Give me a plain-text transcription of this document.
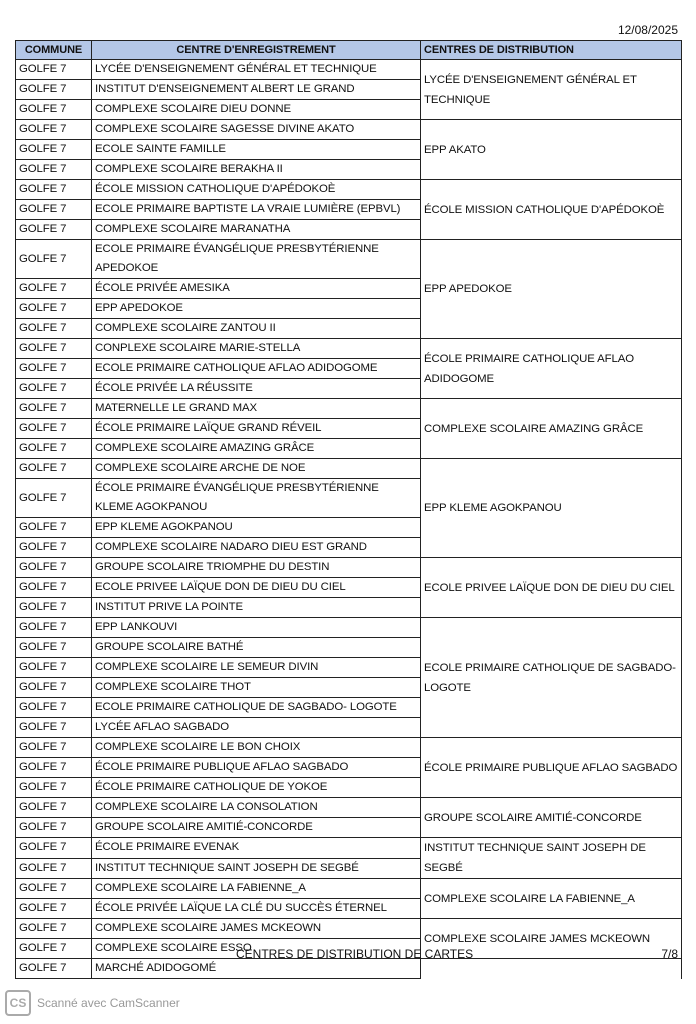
12/08/2025
COMMUNE	CENTRE D'ENREGISTREMENT	CENTRES DE DISTRIBUTION
GOLFE 7	LYCÉE D'ENSEIGNEMENT GÉNÉRAL ET TECHNIQUE	LYCÉE D'ENSEIGNEMENT GÉNÉRAL ET TECHNIQUE
GOLFE 7	INSTITUT D'ENSEIGNEMENT ALBERT LE GRAND	
GOLFE 7	COMPLEXE SCOLAIRE DIEU DONNE	
GOLFE 7	COMPLEXE SCOLAIRE SAGESSE DIVINE AKATO	EPP AKATO
GOLFE 7	ECOLE SAINTE FAMILLE	
GOLFE 7	COMPLEXE SCOLAIRE BERAKHA II	
GOLFE 7	ÉCOLE MISSION CATHOLIQUE D'APÉDOKOÈ	ÉCOLE MISSION CATHOLIQUE D'APÉDOKOÈ
GOLFE 7	ECOLE PRIMAIRE BAPTISTE LA VRAIE LUMIÈRE (EPBVL)	
GOLFE 7	COMPLEXE SCOLAIRE MARANATHA	
GOLFE 7	ECOLE PRIMAIRE ÉVANGÉLIQUE PRESBYTÉRIENNE APEDOKOE	EPP APEDOKOE
GOLFE 7	ÉCOLE PRIVÉE AMESIKA	
GOLFE 7	EPP APEDOKOE	
GOLFE 7	COMPLEXE SCOLAIRE ZANTOU II	
GOLFE 7	CONPLEXE SCOLAIRE MARIE-STELLA	ÉCOLE PRIMAIRE CATHOLIQUE AFLAO ADIDOGOME
GOLFE 7	ECOLE PRIMAIRE CATHOLIQUE AFLAO ADIDOGOME	
GOLFE 7	ÉCOLE PRIVÉE LA RÉUSSITE	
GOLFE 7	MATERNELLE LE GRAND MAX	COMPLEXE SCOLAIRE AMAZING GRÂCE
GOLFE 7	ÉCOLE PRIMAIRE LAÏQUE GRAND RÉVEIL	
GOLFE 7	COMPLEXE SCOLAIRE AMAZING GRÂCE	
GOLFE 7	COMPLEXE SCOLAIRE ARCHE DE NOE	EPP KLEME AGOKPANOU
GOLFE 7	ÉCOLE PRIMAIRE ÉVANGÉLIQUE PRESBYTÉRIENNE KLEME AGOKPANOU	
GOLFE 7	EPP KLEME AGOKPANOU	
GOLFE 7	COMPLEXE SCOLAIRE NADARO DIEU EST GRAND	
GOLFE 7	GROUPE SCOLAIRE TRIOMPHE DU DESTIN	ECOLE PRIVEE LAÏQUE DON DE DIEU DU CIEL
GOLFE 7	ECOLE PRIVEE LAÏQUE DON DE DIEU DU CIEL	
GOLFE 7	INSTITUT PRIVE LA POINTE	
GOLFE 7	EPP LANKOUVI	ECOLE PRIMAIRE CATHOLIQUE DE SAGBADO- LOGOTE
GOLFE 7	GROUPE SCOLAIRE BATHÉ	
GOLFE 7	COMPLEXE SCOLAIRE LE SEMEUR DIVIN	
GOLFE 7	COMPLEXE SCOLAIRE THOT	
GOLFE 7	ECOLE PRIMAIRE CATHOLIQUE DE SAGBADO- LOGOTE	
GOLFE 7	LYCÉE AFLAO SAGBADO	
GOLFE 7	COMPLEXE SCOLAIRE LE BON CHOIX	ÉCOLE PRIMAIRE PUBLIQUE AFLAO SAGBADO
GOLFE 7	ÉCOLE PRIMAIRE PUBLIQUE AFLAO SAGBADO	
GOLFE 7	ÉCOLE PRIMAIRE CATHOLIQUE DE YOKOE	
GOLFE 7	COMPLEXE SCOLAIRE LA CONSOLATION	GROUPE SCOLAIRE AMITIÉ-CONCORDE
GOLFE 7	GROUPE SCOLAIRE AMITIÉ-CONCORDE	
GOLFE 7	ÉCOLE PRIMAIRE EVENAK	INSTITUT TECHNIQUE SAINT JOSEPH DE SEGBÉ
GOLFE 7	INSTITUT TECHNIQUE SAINT JOSEPH DE SEGBÉ	
GOLFE 7	COMPLEXE SCOLAIRE LA FABIENNE_A	COMPLEXE SCOLAIRE LA FABIENNE_A
GOLFE 7	ÉCOLE PRIVÉE LAÏQUE LA CLÉ DU SUCCÈS ÉTERNEL	
GOLFE 7	COMPLEXE SCOLAIRE JAMES MCKEOWN	COMPLEXE SCOLAIRE JAMES MCKEOWN
GOLFE 7	COMPLEXE SCOLAIRE ESSO	
GOLFE 7	MARCHÉ ADIDOGOMÉ	
CENTRES DE DISTRIBUTION DE CARTES	7/8
CS Scanné avec CamScanner
